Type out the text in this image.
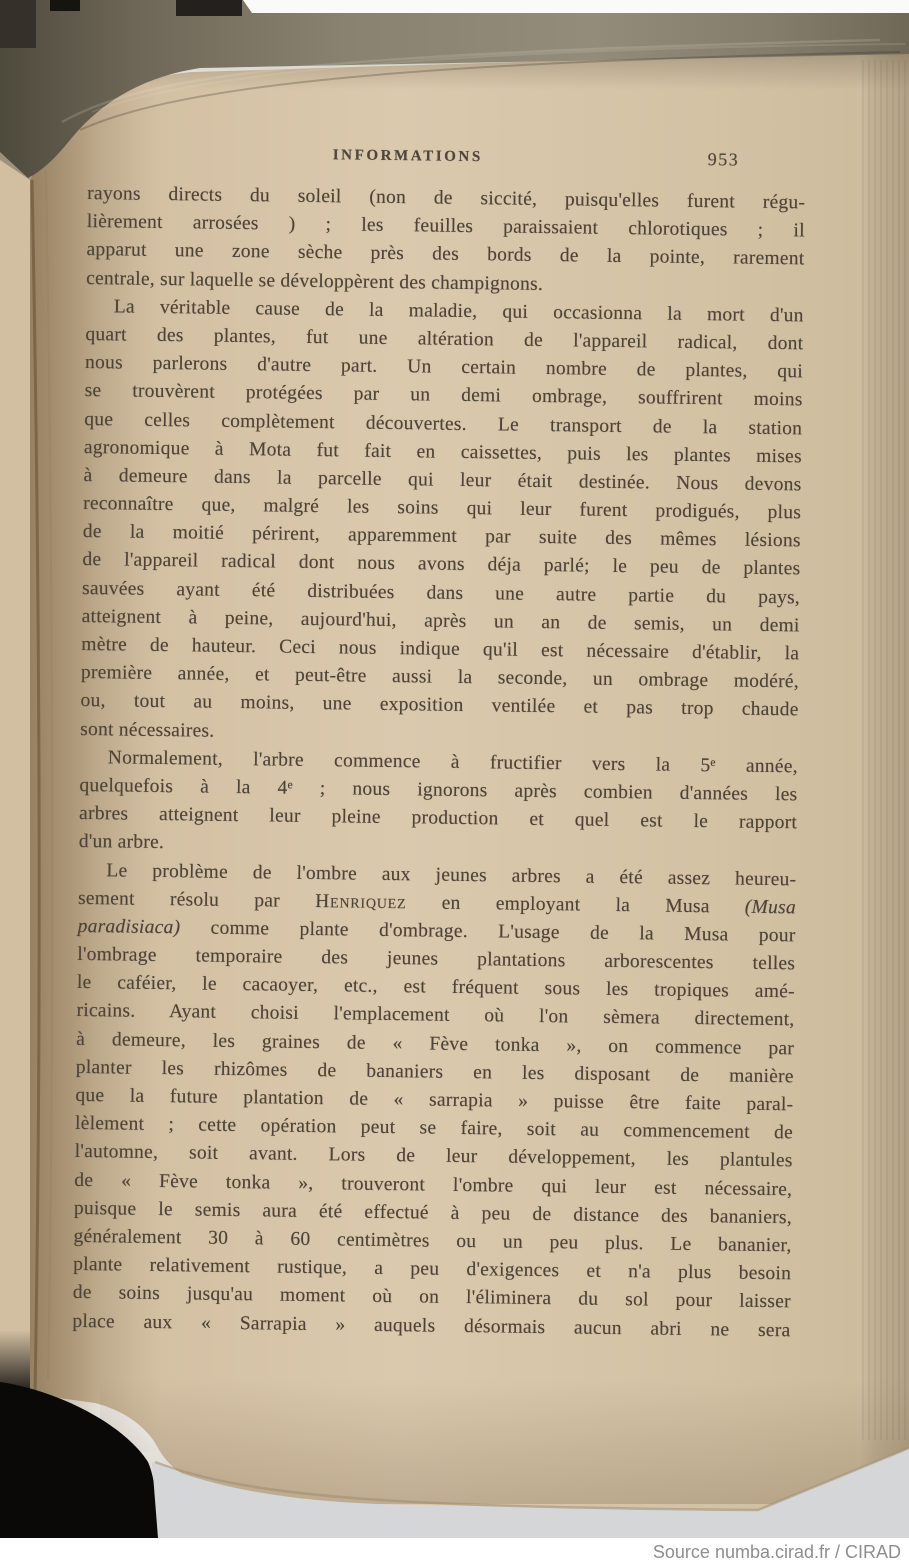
INFORMATIONS	953
rayons directs du soleil (non de siccité, puisqu'elles furent régu-
lièrement arrosées ) ; les feuilles paraissaient chlorotiques ; il
apparut une zone sèche près des bords de la pointe, rarement
centrale, sur laquelle se développèrent des champignons.
La véritable cause de la maladie, qui occasionna la mort d'un
quart des plantes, fut une altération de l'appareil radical, dont
nous parlerons d'autre part. Un certain nombre de plantes, qui
se trouvèrent protégées par un demi ombrage, souffrirent moins
que celles complètement découvertes. Le transport de la station
agronomique à Mota fut fait en caissettes, puis les plantes mises
à demeure dans la parcelle qui leur était destinée. Nous devons
reconnaître que, malgré les soins qui leur furent prodigués, plus
de la moitié périrent, apparemment par suite des mêmes lésions
de l'appareil radical dont nous avons déja parlé; le peu de plantes
sauvées ayant été distribuées dans une autre partie du pays,
atteignent à peine, aujourd'hui, après un an de semis, un demi
mètre de hauteur. Ceci nous indique qu'il est nécessaire d'établir, la
première année, et peut-être aussi la seconde, un ombrage modéré,
ou, tout au moins, une exposition ventilée et pas trop chaude
sont nécessaires.
Normalement, l'arbre commence à fructifier vers la 5ᵉ année,
quelquefois à la 4ᵉ ; nous ignorons après combien d'années les
arbres atteignent leur pleine production et quel est le rapport
d'un arbre.
Le problème de l'ombre aux jeunes arbres a été assez heureu-
sement résolu par Henriquez en employant la Musa (Musa
paradisiaca) comme plante d'ombrage. L'usage de la Musa pour
l'ombrage temporaire des jeunes plantations arborescentes telles
le caféier, le cacaoyer, etc., est fréquent sous les tropiques amé-
ricains. Ayant choisi l'emplacement où l'on sèmera directement,
à demeure, les graines de « Fève tonka », on commence par
planter les rhizômes de bananiers en les disposant de manière
que la future plantation de « sarrapia » puisse être faite paral-
lèlement ; cette opération peut se faire, soit au commencement de
l'automne, soit avant. Lors de leur développement, les plantules
de « Fève tonka », trouveront l'ombre qui leur est nécessaire,
puisque le semis aura été effectué à peu de distance des bananiers,
généralement 30 à 60 centimètres ou un peu plus. Le bananier,
plante relativement rustique, a peu d'exigences et n'a plus besoin
de soins jusqu'au moment où on l'éliminera du sol pour laisser
place aux « Sarrapia » auquels désormais aucun abri ne sera
Source numba.cirad.fr / CIRAD
